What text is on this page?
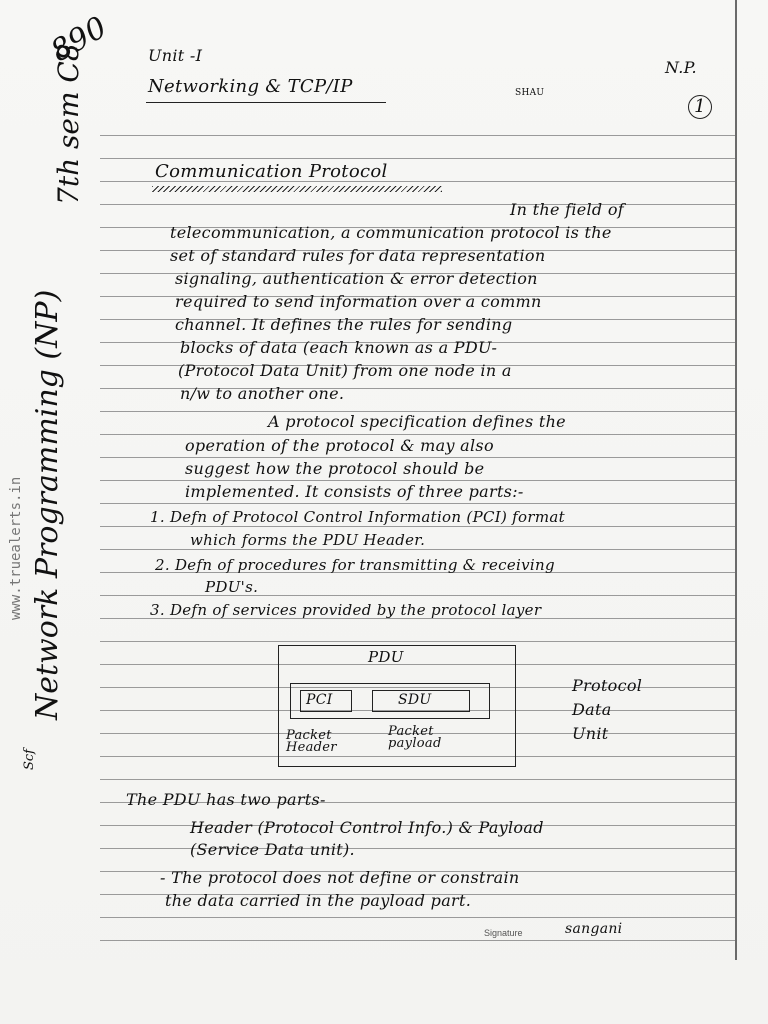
7th sem C8
890
Network Programming (NP)
www.truealerts.in
Scf
Unit -I
Networking & TCP/IP
N.P.
1
SHAU
Communication Protocol
In the field of
telecommunication, a communication protocol is the
set of standard rules for data representation
signaling, authentication & error detection
required to send information over a commn
channel. It defines the rules for sending
blocks of data (each known as a PDU-
(Protocol Data Unit) from one node in a
n/w to another one.
A protocol specification defines the
operation of the protocol & may also
suggest how the protocol should be
implemented. It consists of three parts:-
1. Defn of Protocol Control Information (PCI) format
which forms the PDU Header.
2. Defn of procedures for transmitting & receiving
PDU's.
3. Defn of services provided by the protocol layer
PDU
PCI	SDU
Packet Header
Packet payload
Protocol
Data
Unit
The PDU has two parts-
Header (Protocol Control Info.) & Payload
(Service Data unit).
- The protocol does not define or constrain
the data carried in the payload part.
Signature	sangani
